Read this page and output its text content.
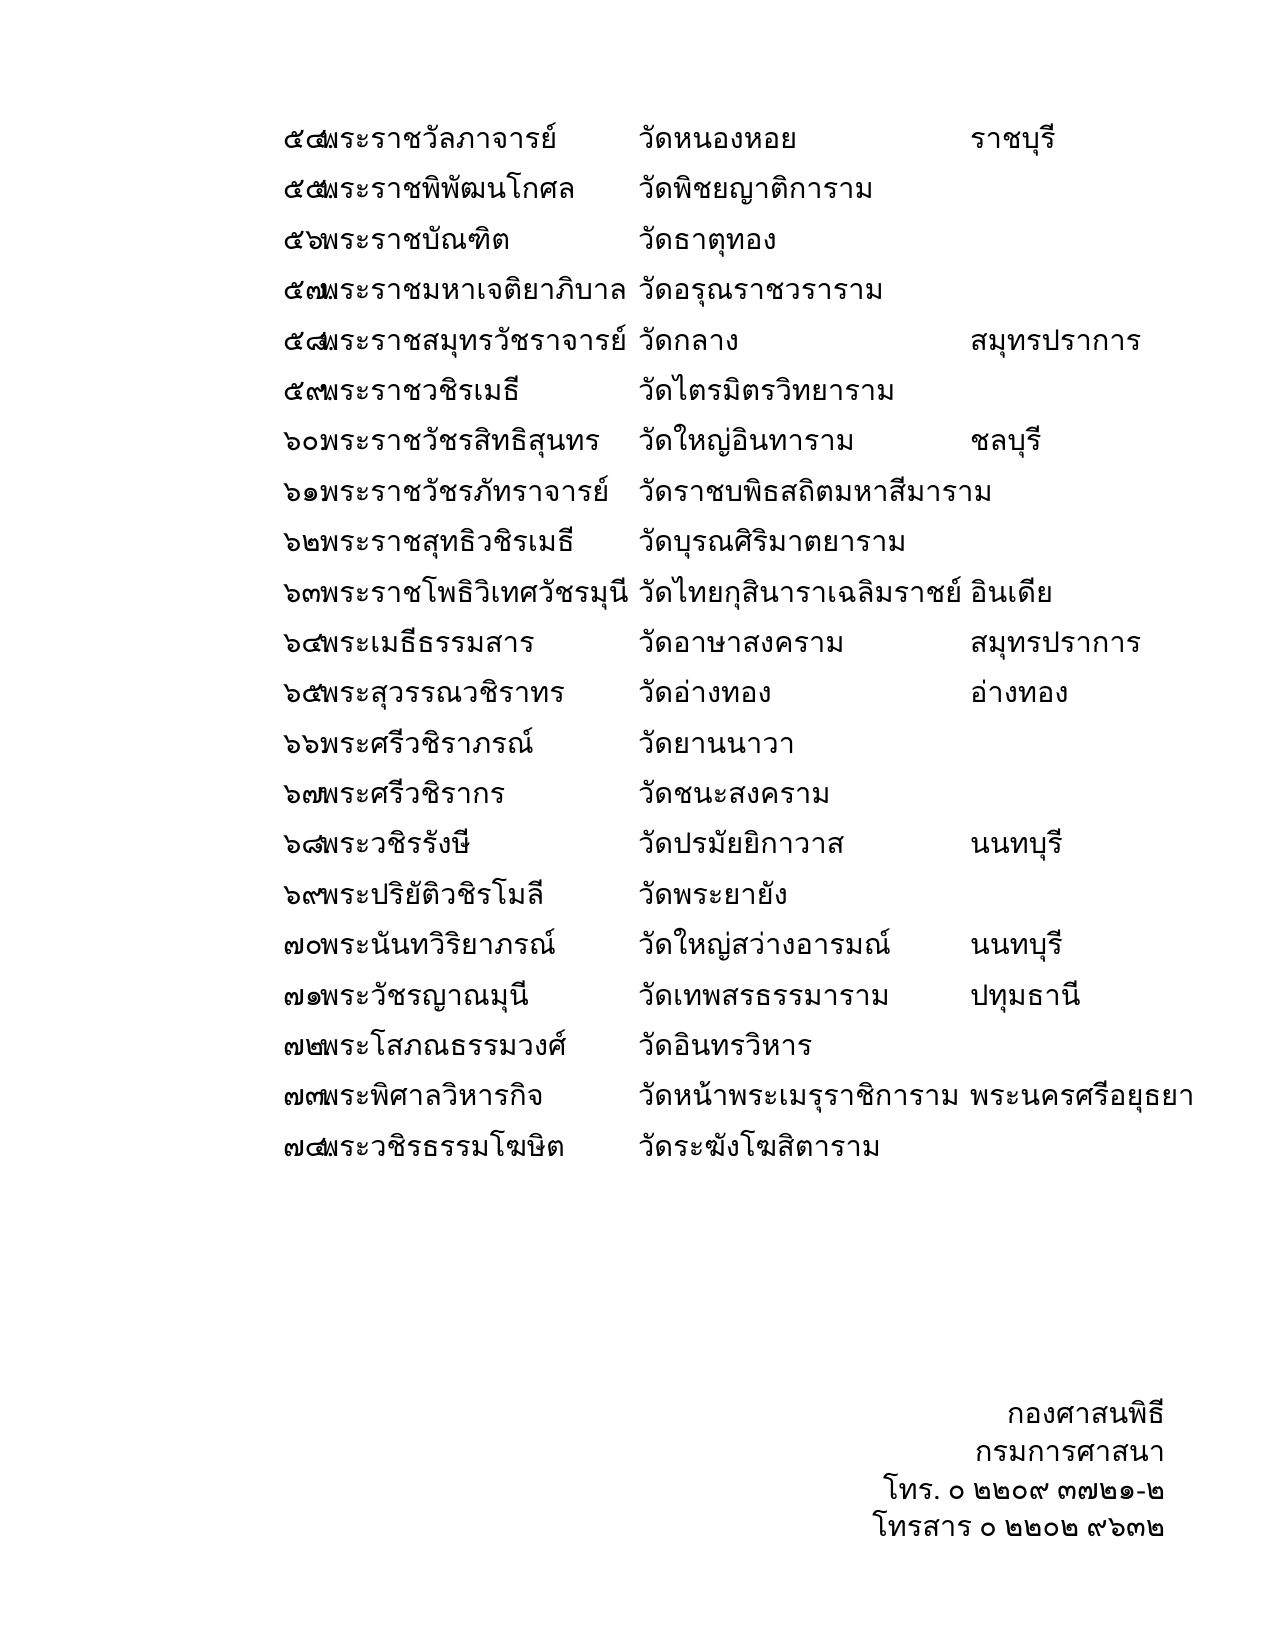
๕๔.
พระราชวัลภาจารย์	วัดหนองหอย	ราชบุรี
๕๕.
พระราชพิพัฒนโกศล วัดพิชยญาติการาม
๕๖.
พระราชบัณฑิต	วัดธาตุทอง
๕๗.
พระราชมหาเจติยาภิบาล วัดอรุณราชวราราม
๕๘.
พระราชสมุทรวัชราจารย์ วัดกลาง	สมุทรปราการ
๕๙.
พระราชวชิรเมธี	วัดไตรมิตรวิทยาราม
๖๐.
พระราชวัชรสิทธิสุนทร วัดใหญ่อินทาราม	ชลบุรี
๖๑.
พระราชวัชรภัทราจารย์ วัดราชบพิธสถิตมหาสีมาราม
๖๒.
พระราชสุทธิวชิรเมธี วัดบุรณศิริมาตยาราม
๖๓.
พระราชโพธิวิเทศวัชรมุนี วัดไทยกุสินาราเฉลิมราชย์ อินเดีย
๖๔.
พระเมธีธรรมสาร	วัดอาษาสงคราม	สมุทรปราการ
๖๕.
พระสุวรรณวชิราทร	วัดอ่างทอง	อ่างทอง
๖๖.
พระศรีวชิราภรณ์	วัดยานนาวา
๖๗.
พระศรีวชิรากร	วัดชนะสงคราม
๖๘.
พระวชิรรังษี	วัดปรมัยยิกาวาส	นนทบุรี
๖๙.
พระปริยัติวชิรโมลี	วัดพระยายัง
๗๐.
พระนันทวิริยาภรณ์	วัดใหญ่สว่างอารมณ์	นนทบุรี
๗๑.
พระวัชรญาณมุนี	วัดเทพสรธรรมาราม	ปทุมธานี
๗๒.
พระโสภณธรรมวงศ์ วัดอินทรวิหาร
๗๓.
พระพิศาลวิหารกิจ	วัดหน้าพระเมรุราชิการาม พระนครศรีอยุธยา
๗๔.
พระวชิรธรรมโฆษิต	วัดระฆังโฆสิตาราม
กองศาสนพิธี
กรมการศาสนา
โทร. ๐ ๒๒๐๙ ๓๗๒๑-๒
โทรสาร ๐ ๒๒๐๒ ๙๖๓๒
